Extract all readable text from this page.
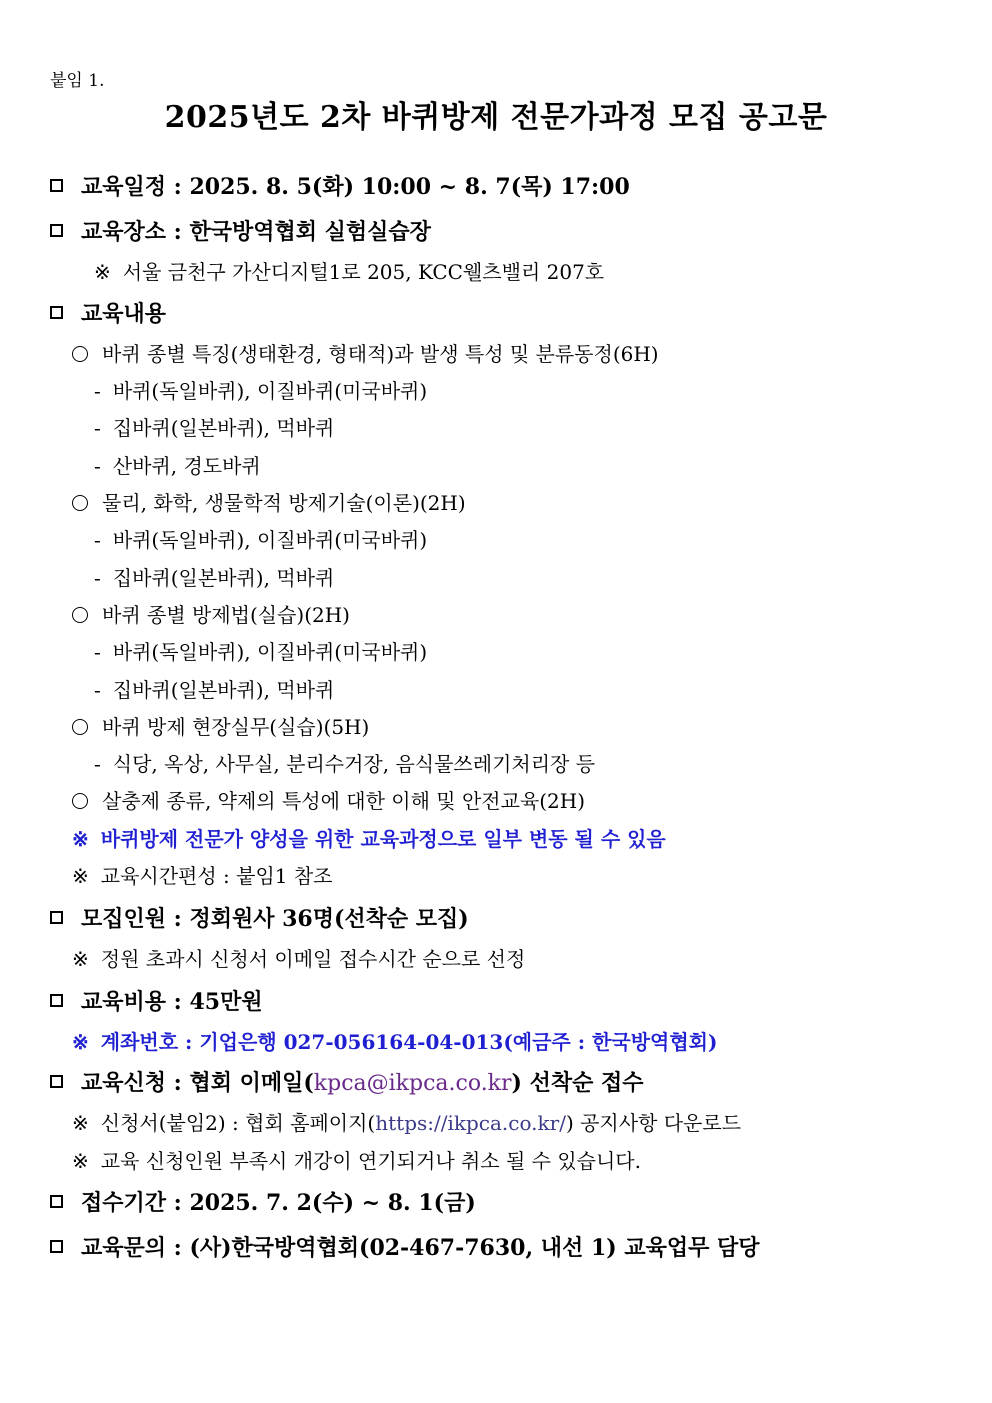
붙임 1.
2025년도 2차 바퀴방제 전문가과정 모집 공고문
교육일정 : 2025. 8. 5(화) 10:00 ~ 8. 7(목) 17:00
교육장소 : 한국방역협회 실험실습장
※ 서울 금천구 가산디지털1로 205, KCC웰츠밸리 207호
교육내용
바퀴 종별 특징(생태환경, 형태적)과 발생 특성 및 분류동정(6H)
- 바퀴(독일바퀴), 이질바퀴(미국바퀴)
- 집바퀴(일본바퀴), 먹바퀴
- 산바퀴, 경도바퀴
물리, 화학, 생물학적 방제기술(이론)(2H)
- 바퀴(독일바퀴), 이질바퀴(미국바퀴)
- 집바퀴(일본바퀴), 먹바퀴
바퀴 종별 방제법(실습)(2H)
- 바퀴(독일바퀴), 이질바퀴(미국바퀴)
- 집바퀴(일본바퀴), 먹바퀴
바퀴 방제 현장실무(실습)(5H)
- 식당, 옥상, 사무실, 분리수거장, 음식물쓰레기처리장 등
살충제 종류, 약제의 특성에 대한 이해 및 안전교육(2H)
※ 바퀴방제 전문가 양성을 위한 교육과정으로 일부 변동 될 수 있음
※ 교육시간편성 : 붙임1 참조
모집인원 : 정회원사 36명(선착순 모집)
※ 정원 초과시 신청서 이메일 접수시간 순으로 선정
교육비용 : 45만원
※ 계좌번호 : 기업은행 027-056164-04-013(예금주 : 한국방역협회)
교육신청 : 협회 이메일(kpca@ikpca.co.kr) 선착순 접수
※ 신청서(붙임2) : 협회 홈페이지(https://ikpca.co.kr/) 공지사항 다운로드
※ 교육 신청인원 부족시 개강이 연기되거나 취소 될 수 있습니다.
접수기간 : 2025. 7. 2(수) ~ 8. 1(금)
교육문의 : (사)한국방역협회(02-467-7630, 내선 1) 교육업무 담당
